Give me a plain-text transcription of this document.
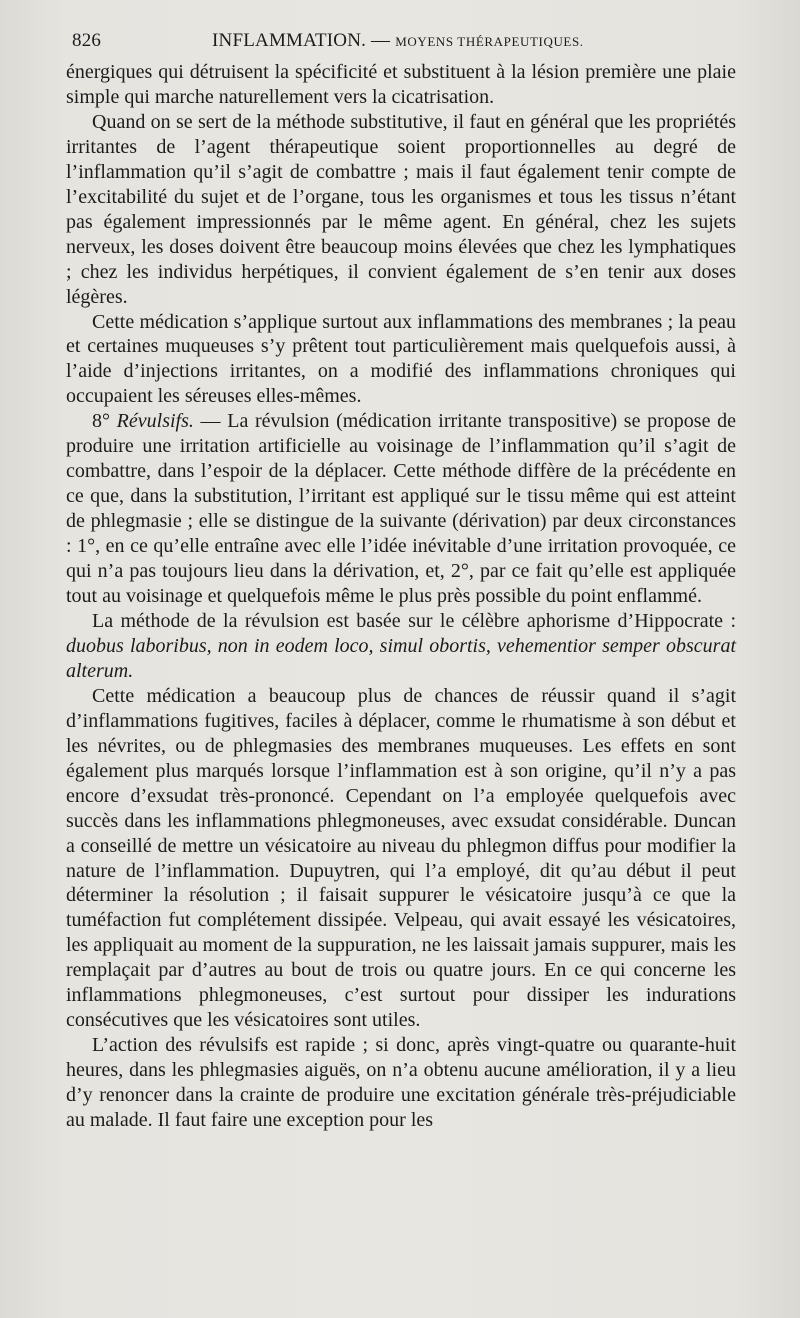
826	INFLAMMATION. — MOYENS THÉRAPEUTIQUES.

énergiques qui détruisent la spécificité et substituent à la lésion première une plaie simple qui marche naturellement vers la cicatrisation.

Quand on se sert de la méthode substitutive, il faut en général que les propriétés irritantes de l’agent thérapeutique soient proportionnelles au degré de l’inflammation qu’il s’agit de combattre ; mais il faut également tenir compte de l’excitabilité du sujet et de l’organe, tous les organismes et tous les tissus n’étant pas également impressionnés par le même agent. En général, chez les sujets nerveux, les doses doivent être beaucoup moins élevées que chez les lymphatiques ; chez les individus herpétiques, il convient également de s’en tenir aux doses légères.

Cette médication s’applique surtout aux inflammations des membranes ; la peau et certaines muqueuses s’y prêtent tout particulièrement mais quelquefois aussi, à l’aide d’injections irritantes, on a modifié des inflammations chroniques qui occupaient les séreuses elles-mêmes.

8° Révulsifs. — La révulsion (médication irritante transpositive) se propose de produire une irritation artificielle au voisinage de l’inflammation qu’il s’agit de combattre, dans l’espoir de la déplacer. Cette méthode diffère de la précédente en ce que, dans la substitution, l’irritant est appliqué sur le tissu même qui est atteint de phlegmasie ; elle se distingue de la suivante (dérivation) par deux circonstances : 1°, en ce qu’elle entraîne avec elle l’idée inévitable d’une irritation provoquée, ce qui n’a pas toujours lieu dans la dérivation, et, 2°, par ce fait qu’elle est appliquée tout au voisinage et quelquefois même le plus près possible du point enflammé.

La méthode de la révulsion est basée sur le célèbre aphorisme d’Hippocrate : duobus laboribus, non in eodem loco, simul obortis, vehementior semper obscurat alterum.

Cette médication a beaucoup plus de chances de réussir quand il s’agit d’inflammations fugitives, faciles à déplacer, comme le rhumatisme à son début et les névrites, ou de phlegmasies des membranes muqueuses. Les effets en sont également plus marqués lorsque l’inflammation est à son origine, qu’il n’y a pas encore d’exsudat très-prononcé. Cependant on l’a employée quelquefois avec succès dans les inflammations phlegmoneuses, avec exsudat considérable. Duncan a conseillé de mettre un vésicatoire au niveau du phlegmon diffus pour modifier la nature de l’inflammation. Dupuytren, qui l’a employé, dit qu’au début il peut déterminer la résolution ; il faisait suppurer le vésicatoire jusqu’à ce que la tuméfaction fut complétement dissipée. Velpeau, qui avait essayé les vésicatoires, les appliquait au moment de la suppuration, ne les laissait jamais suppurer, mais les remplaçait par d’autres au bout de trois ou quatre jours. En ce qui concerne les inflammations phlegmoneuses, c’est surtout pour dissiper les indurations consécutives que les vésicatoires sont utiles.

L’action des révulsifs est rapide ; si donc, après vingt-quatre ou quarante-huit heures, dans les phlegmasies aiguës, on n’a obtenu aucune amélioration, il y a lieu d’y renoncer dans la crainte de produire une excitation générale très-préjudiciable au malade. Il faut faire une exception pour les
